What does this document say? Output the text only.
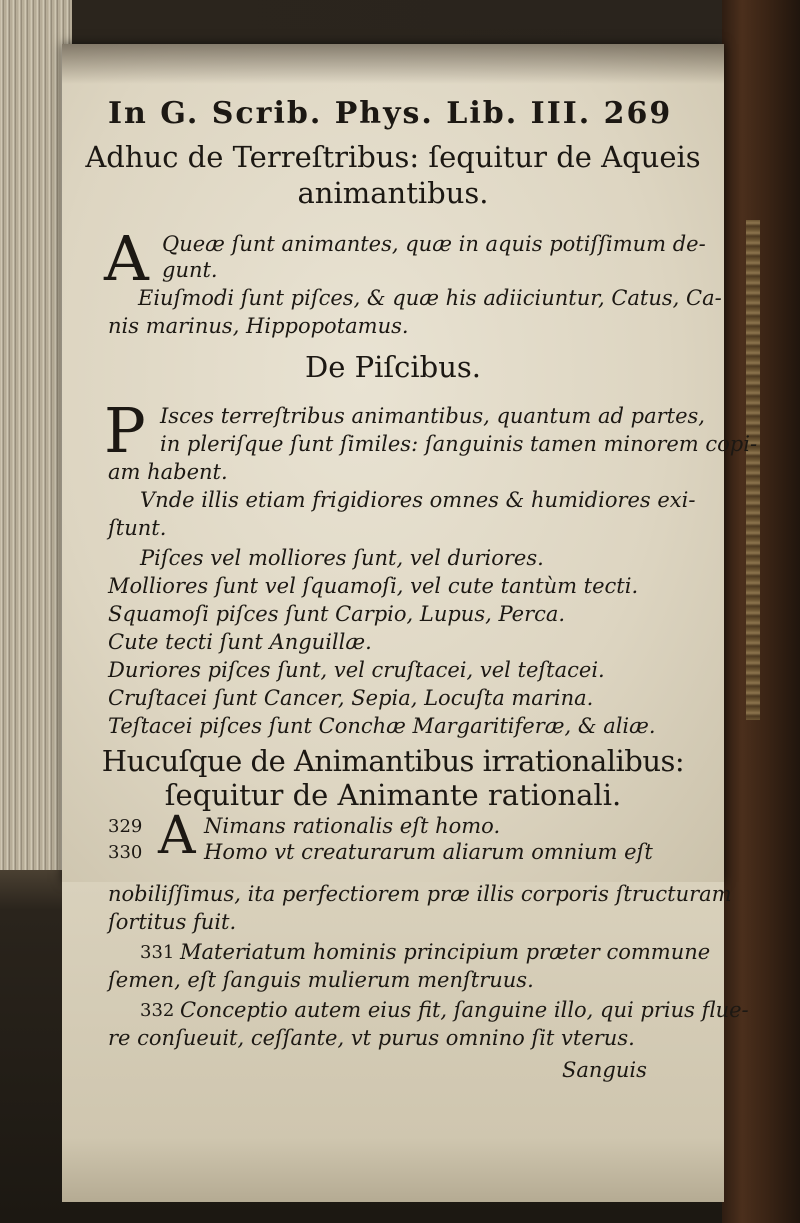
In G. Scrib. Phys. Lib. III. 269
Adhuc de Terreſtribus: ſequitur de Aqueis
animantibus.
A Queæ ſunt animantes, quæ in aquis potiſſimum de-
gunt.
Eiuſmodi ſunt piſces, & quæ his adiiciuntur, Catus, Ca-
nis marinus, Hippopotamus.
De Piſcibus.
P Isces terreſtribus animantibus, quantum ad partes,
in pleriſque ſunt ſimiles: ſanguinis tamen minorem copi-
am habent.
Vnde illis etiam frigidiores omnes & humidiores exi-
ſtunt.
Piſces vel molliores ſunt, vel duriores.
Molliores ſunt vel ſquamoſi, vel cute tantùm tecti.
Squamoſi piſces ſunt Carpio, Lupus, Perca.
Cute tecti ſunt Anguillæ.
Duriores piſces ſunt, vel cruſtacei, vel teſtacei.
Cruſtacei ſunt Cancer, Sepia, Locuſta marina.
Teſtacei piſces ſunt Conchæ Margaritiferæ, & aliæ.
Hucuſque de Animantibus irrationalibus:
ſequitur de Animante rationali.
329 A Nimans rationalis eſt homo.
330	Homo vt creaturarum aliarum omnium eſt
nobiliſſimus, ita perfectiorem præ illis corporis ſtructuram
ſortitus fuit.
331 Materiatum hominis principium præter commune
ſemen, eſt ſanguis mulierum menſtruus.
332 Conceptio autem eius fit, ſanguine illo, qui prius flue-
re conſueuit, ceſſante, vt purus omnino ſit vterus.
Sanguis
